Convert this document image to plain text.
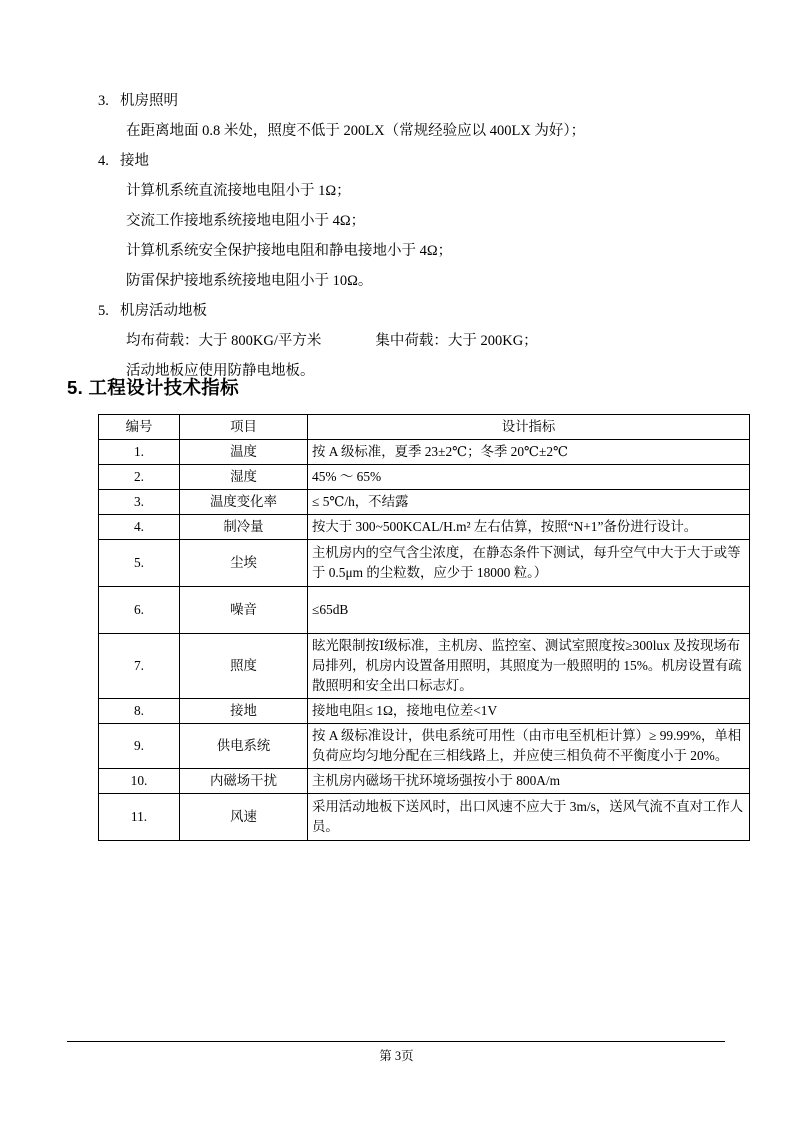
3. 机房照明
在距离地面 0.8 米处，照度不低于 200LX（常规经验应以 400LX 为好）；
4. 接地
计算机系统直流接地电阻小于 1Ω；
交流工作接地系统接地电阻小于 4Ω；
计算机系统安全保护接地电阻和静电接地小于 4Ω；
防雷保护接地系统接地电阻小于 10Ω。
5. 机房活动地板
均布荷载：大于 800KG/平方米	集中荷载：大于 200KG；
活动地板应使用防静电地板。
5. 工程设计技术指标
编号	项目	设计指标
1.	温度	按 A 级标准，夏季 23±2℃；冬季 20℃±2℃
2.	湿度	45% ～ 65%
3.	温度变化率	≤ 5℃/h，不结露
4.	制冷量	按大于 300~500KCAL/H.m² 左右估算，按照“N+1”备份进行设计。
5.	尘埃	主机房内的空气含尘浓度，在静态条件下测试，每升空气中大于大于或等于 0.5μm 的尘粒数，应少于 18000 粒。）
6.	噪音	≤65dB
7.	照度	眩光限制按Ⅰ级标准，主机房、监控室、测试室照度按≥300lux 及按现场布局排列，机房内设置备用照明，其照度为一般照明的 15%。机房设置有疏散照明和安全出口标志灯。
8.	接地	接地电阻≤ 1Ω，接地电位差<1V
9.	供电系统	按 A 级标准设计，供电系统可用性（由市电至机柜计算）≥ 99.99%，单相负荷应均匀地分配在三相线路上，并应使三相负荷不平衡度小于 20%。
10.	内磁场干扰	主机房内磁场干扰环境场强按小于 800A/m
11.	风速	采用活动地板下送风时，出口风速不应大于 3m/s，送风气流不直对工作人员。
第 3页
